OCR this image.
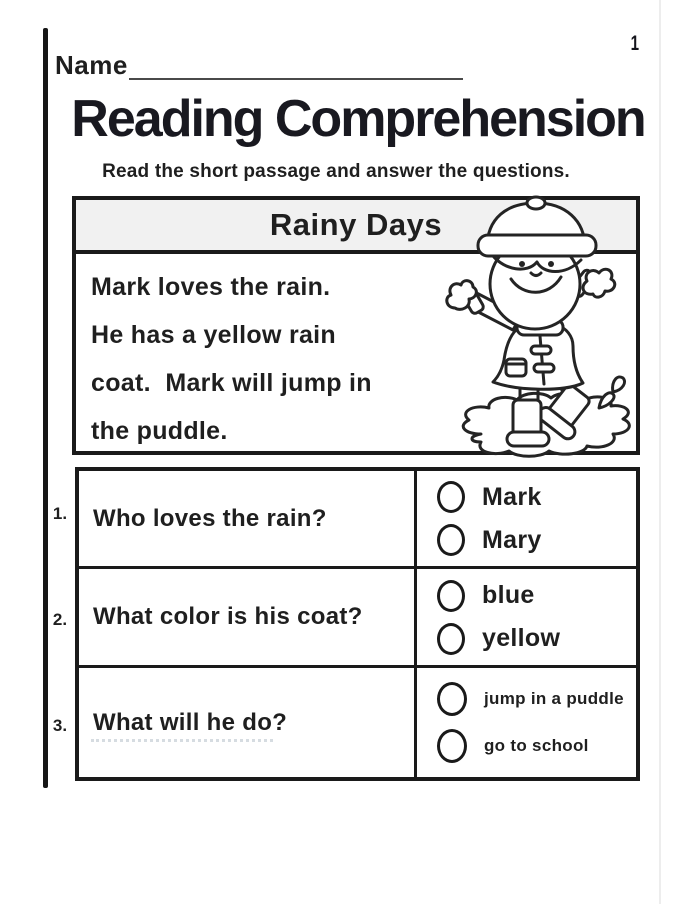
1
Name
Reading Comprehension
Read the short passage and answer the questions.
Rainy Days
Mark loves the rain.
He has a yellow rain
coat.  Mark will jump in
the puddle.
1.
2.
3.
Who loves the rain?
Mark
Mary
What color is his coat?
blue
yellow
What will he do?
jump in a puddle
go to school
